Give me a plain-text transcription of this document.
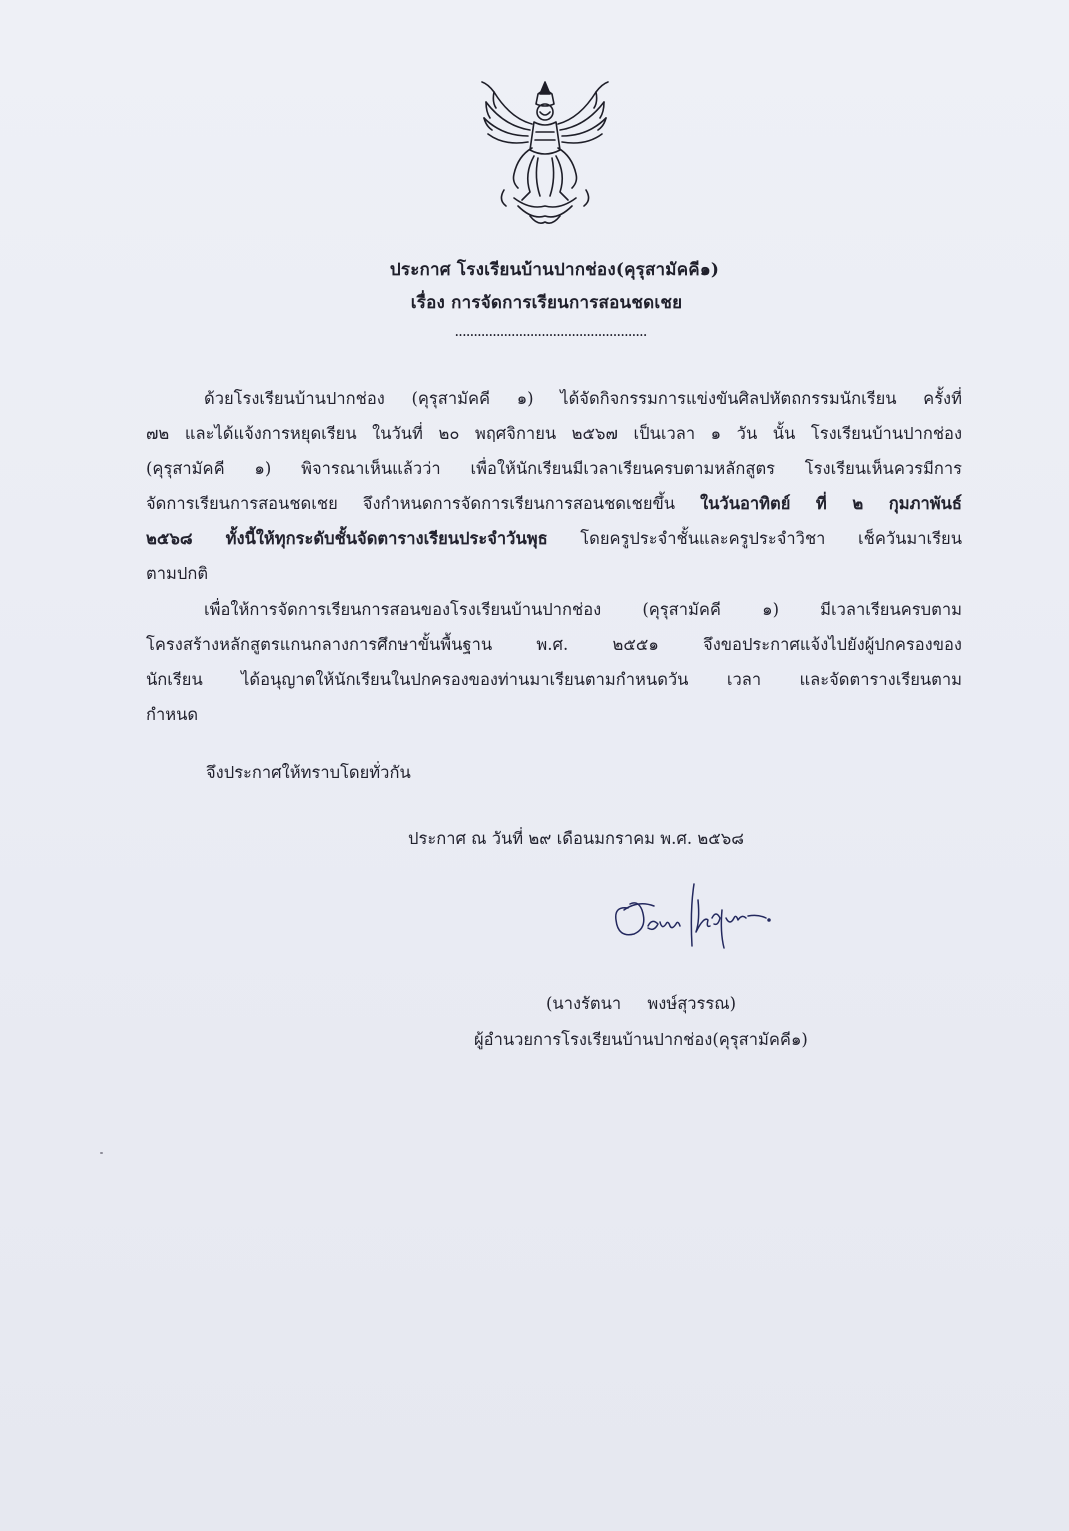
ประกาศ โรงเรียนบ้านปากช่อง(คุรุสามัคคี๑)
เรื่อง การจัดการเรียนการสอนชดเชย
...................................................
ด้วยโรงเรียนบ้านปากช่อง (คุรุสามัคคี ๑) ได้จัดกิจกรรมการแข่งขันศิลปหัตถกรรมนักเรียน ครั้งที่
๗๒ และได้แจ้งการหยุดเรียน ในวันที่ ๒๐ พฤศจิกายน ๒๕๖๗ เป็นเวลา ๑ วัน นั้น โรงเรียนบ้านปากช่อง
(คุรุสามัคคี ๑) พิจารณาเห็นแล้วว่า เพื่อให้นักเรียนมีเวลาเรียนครบตามหลักสูตร โรงเรียนเห็นควรมีการ
จัดการเรียนการสอนชดเชย จึงกำหนดการจัดการเรียนการสอนชดเชยขึ้น ในวันอาทิตย์ ที่ ๒ กุมภาพันธ์
๒๕๖๘ ทั้งนี้ให้ทุกระดับชั้นจัดตารางเรียนประจำวันพุธ โดยครูประจำชั้นและครูประจำวิชา เช็ควันมาเรียน
ตามปกติ
เพื่อให้การจัดการเรียนการสอนของโรงเรียนบ้านปากช่อง (คุรุสามัคคี ๑) มีเวลาเรียนครบตาม
โครงสร้างหลักสูตรแกนกลางการศึกษาขั้นพื้นฐาน พ.ศ. ๒๕๕๑ จึงขอประกาศแจ้งไปยังผู้ปกครองของ
นักเรียน ได้อนุญาตให้นักเรียนในปกครองของท่านมาเรียนตามกำหนดวัน เวลา และจัดตารางเรียนตาม
กำหนด
จึงประกาศให้ทราบโดยทั่วกัน
ประกาศ ณ วันที่ ๒๙ เดือนมกราคม พ.ศ. ๒๕๖๘
(นางรัตนา     พงษ์สุวรรณ)
ผู้อำนวยการโรงเรียนบ้านปากช่อง(คุรุสามัคคี๑)
